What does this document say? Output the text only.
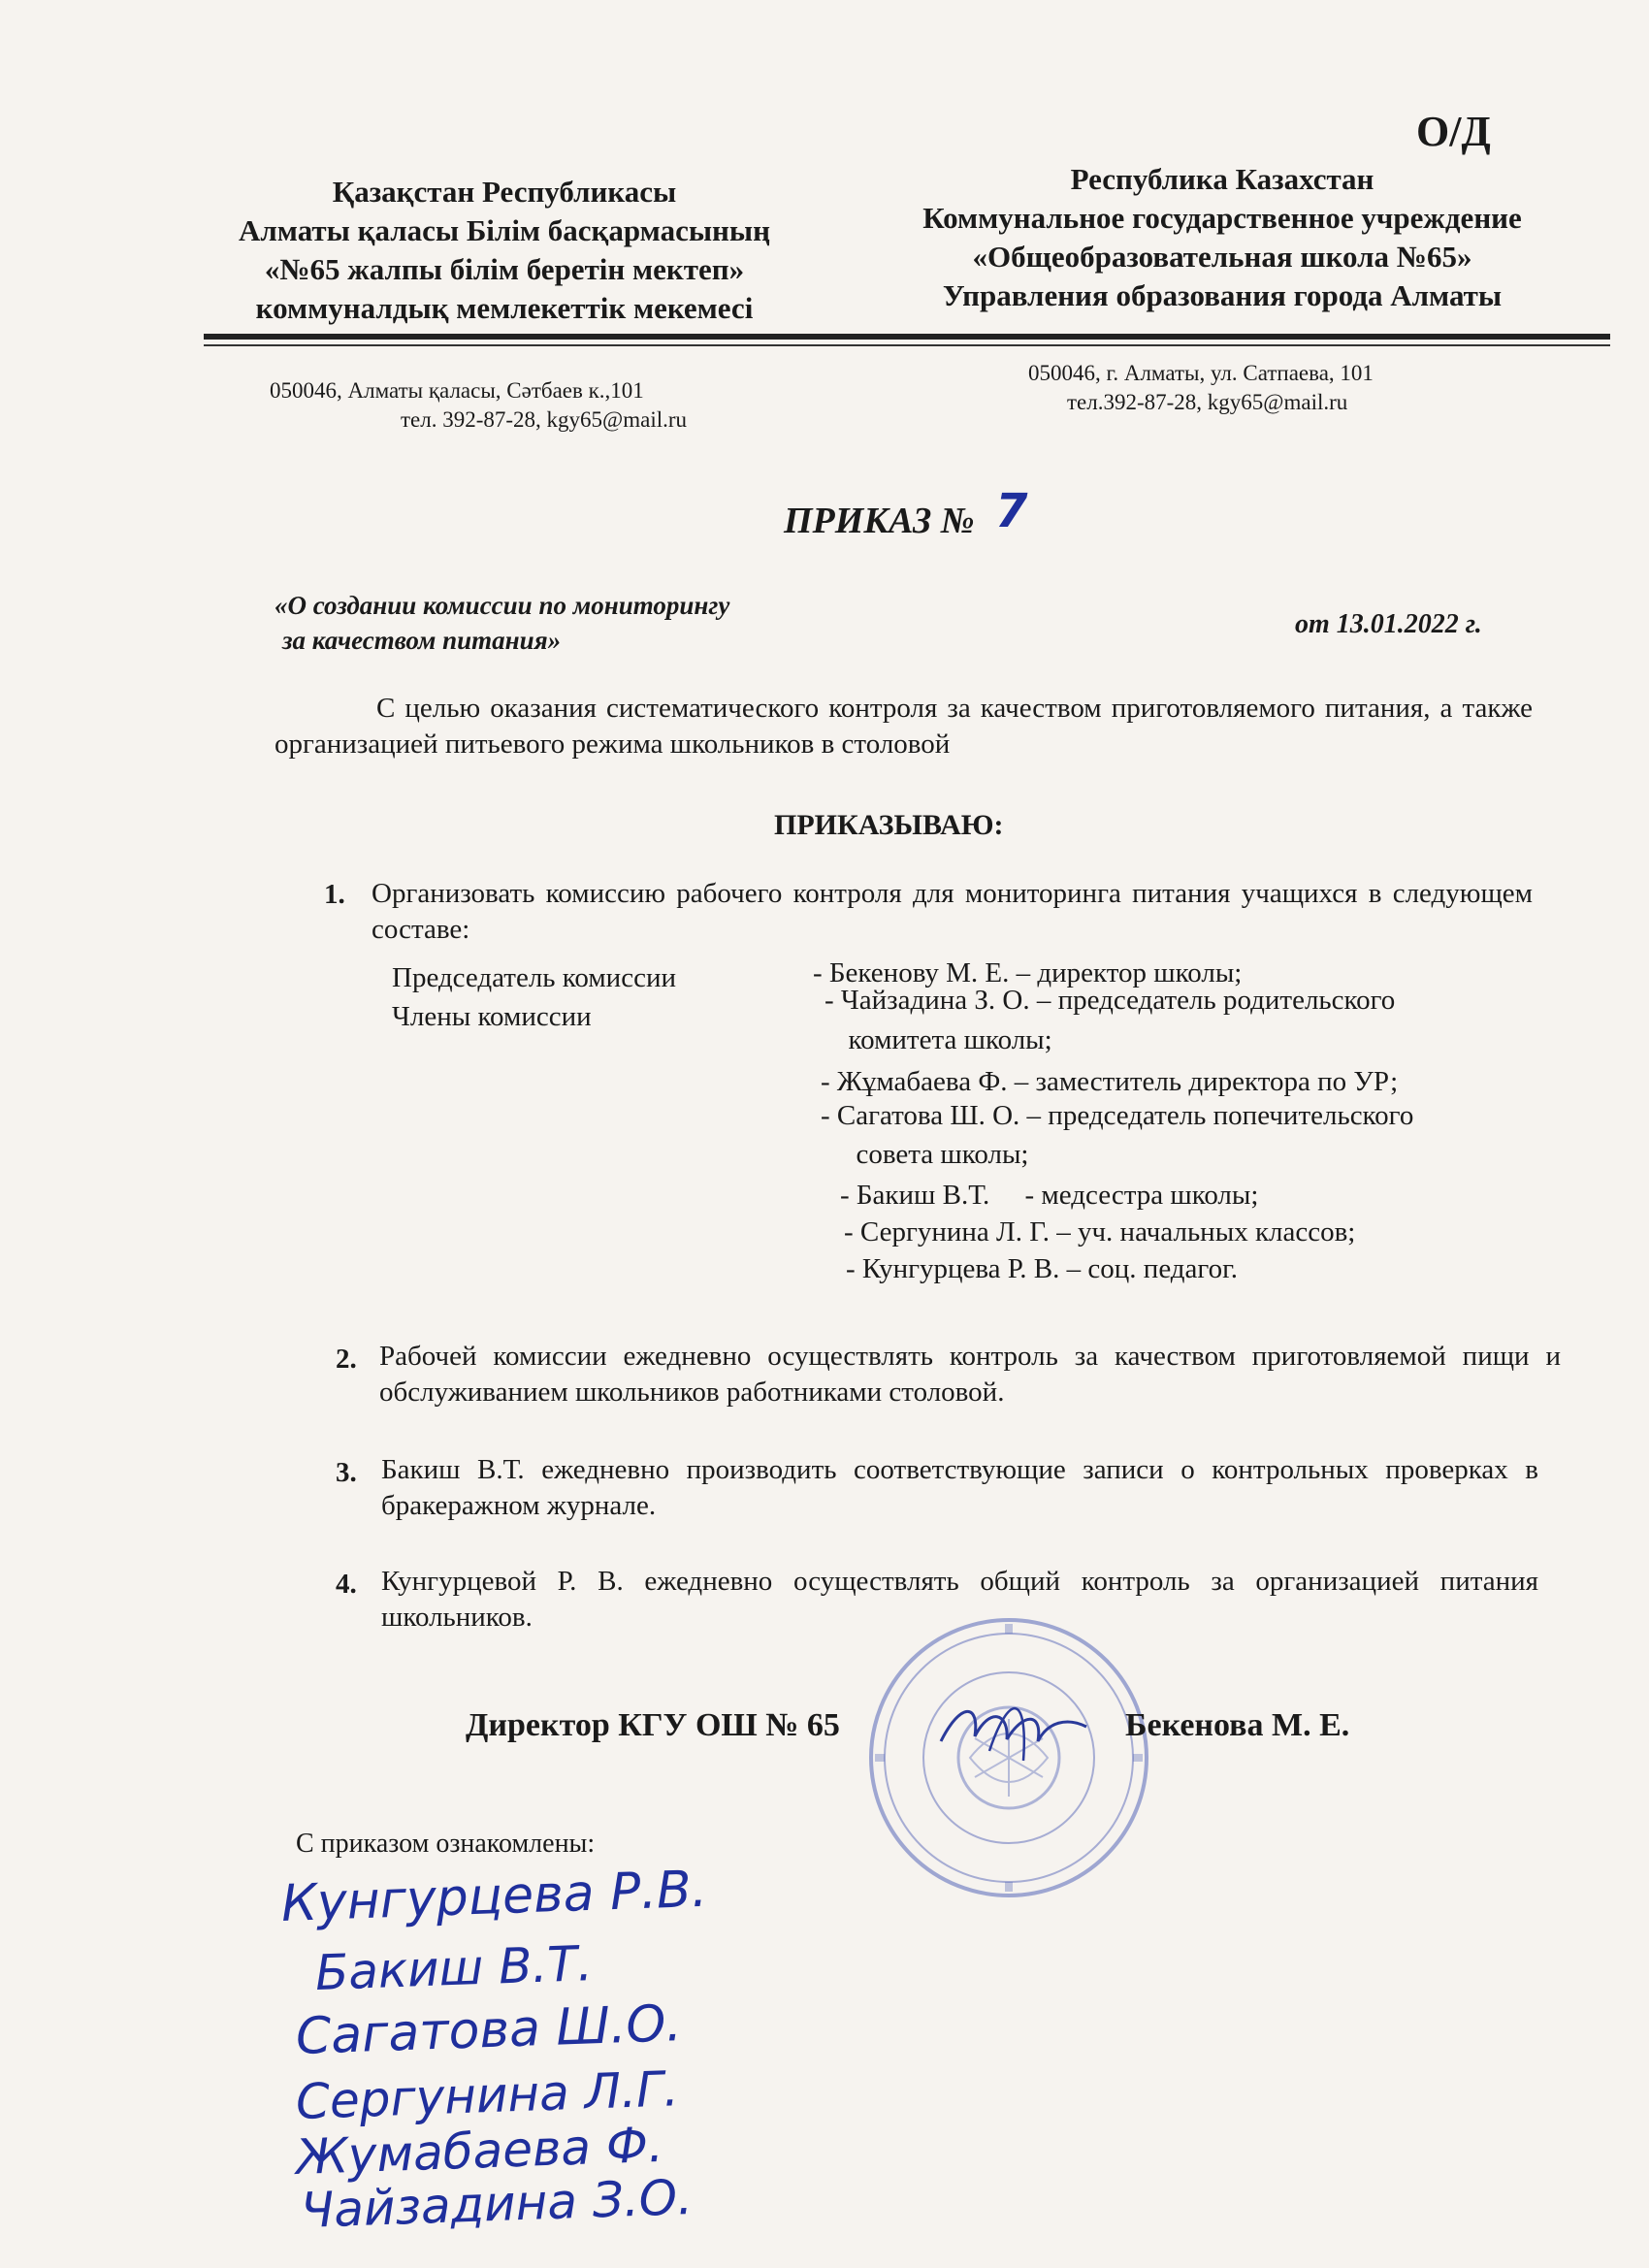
О/Д
Қазақстан Республикасы
Алматы қаласы Білім басқармасының
«№65 жалпы білім беретін мектеп»
коммуналдық мемлекеттік мекемесі
Республика Казахстан
Коммунальное государственное учреждение
«Общеобразовательная школа №65»
Управления образования города Алматы
050046, Алматы қаласы, Сәтбаев к.,101
тел. 392-87-28, kgy65@mail.ru
050046, г. Алматы, ул. Сатпаева, 101
тел.392-87-28, kgy65@mail.ru
ПРИКАЗ № 7
«О создании комиссии по мониторингу
за качеством питания»
от 13.01.2022 г.
С целью оказания систематического контроля за качеством приготовляемого питания, а также организацией питьевого режима школьников в столовой
ПРИКАЗЫВАЮ:
1. Организовать комиссию рабочего контроля для мониторинга питания учащихся в следующем составе:
Председатель комиссии
Члены комиссии
- Бекенову М. Е. – директор школы;
- Чайзадина З. О. – председатель родительского
комитета школы;
- Жұмабаева Ф. – заместитель директора по УР;
- Сагатова Ш. О. – председатель попечительского
совета школы;
- Бакиш В.Т.     - медсестра школы;
- Сергунина Л. Г. – уч. начальных классов;
- Кунгурцева Р. В. – соц. педагог.
2. Рабочей комиссии ежедневно осуществлять контроль за качеством приготовляемой пищи и обслуживанием школьников работниками столовой.
3. Бакиш В.Т. ежедневно производить соответствующие записи о контрольных проверках в бракеражном журнале.
4. Кунгурцевой Р. В. ежедневно осуществлять общий контроль за организацией питания школьников.
Директор КГУ ОШ № 65	Бекенова М. Е.
С приказом ознакомлены:
Кунгурцева Р.В.
Бакиш В.Т.
Сагатова Ш.О.
Сергунина Л.Г.
Жумабаева Ф.
Чайзадина З.О.
